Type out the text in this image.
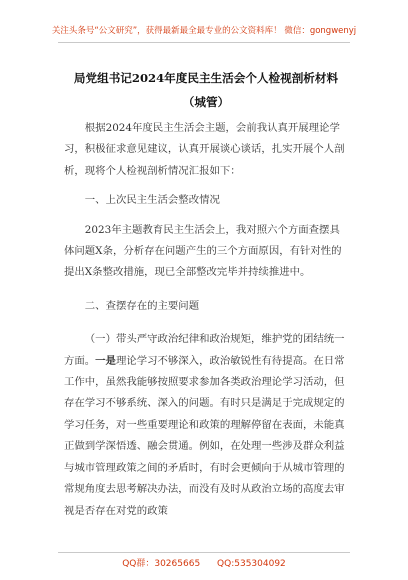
关注头条号“公文研究”，获得最新最全最专业的公文资料库！ 微信：gongwenyj
局党组书记2024年度民主生活会个人检视剖析材料（城管）

根据2024年度民主生活会主题，会前我认真开展理论学习，积极征求意见建议，认真开展谈心谈话，扎实开展个人剖析，现将个人检视剖析情况汇报如下：

一、上次民主生活会整改情况

2023年主题教育民主生活会上，我对照六个方面查摆具体问题X条，分析存在问题产生的三个方面原因，有针对性的提出X条整改措施，现已全部整改完毕并持续推进中。

二、查摆存在的主要问题

（一）带头严守政治纪律和政治规矩，维护党的团结统一方面。一是理论学习不够深入，政治敏锐性有待提高。在日常工作中，虽然我能够按照要求参加各类政治理论学习活动，但存在学习不够系统、深入的问题。有时只是满足于完成规定的学习任务，对一些重要理论和政策的理解停留在表面，未能真正做到学深悟透、融会贯通。例如，在处理一些涉及群众利益与城市管理政策之间的矛盾时，有时会更倾向于从城市管理的常规角度去思考解决办法，而没有及时从政治立场的高度去审视是否存在对党的政策

QQ群：30265665 QQ:535304092
